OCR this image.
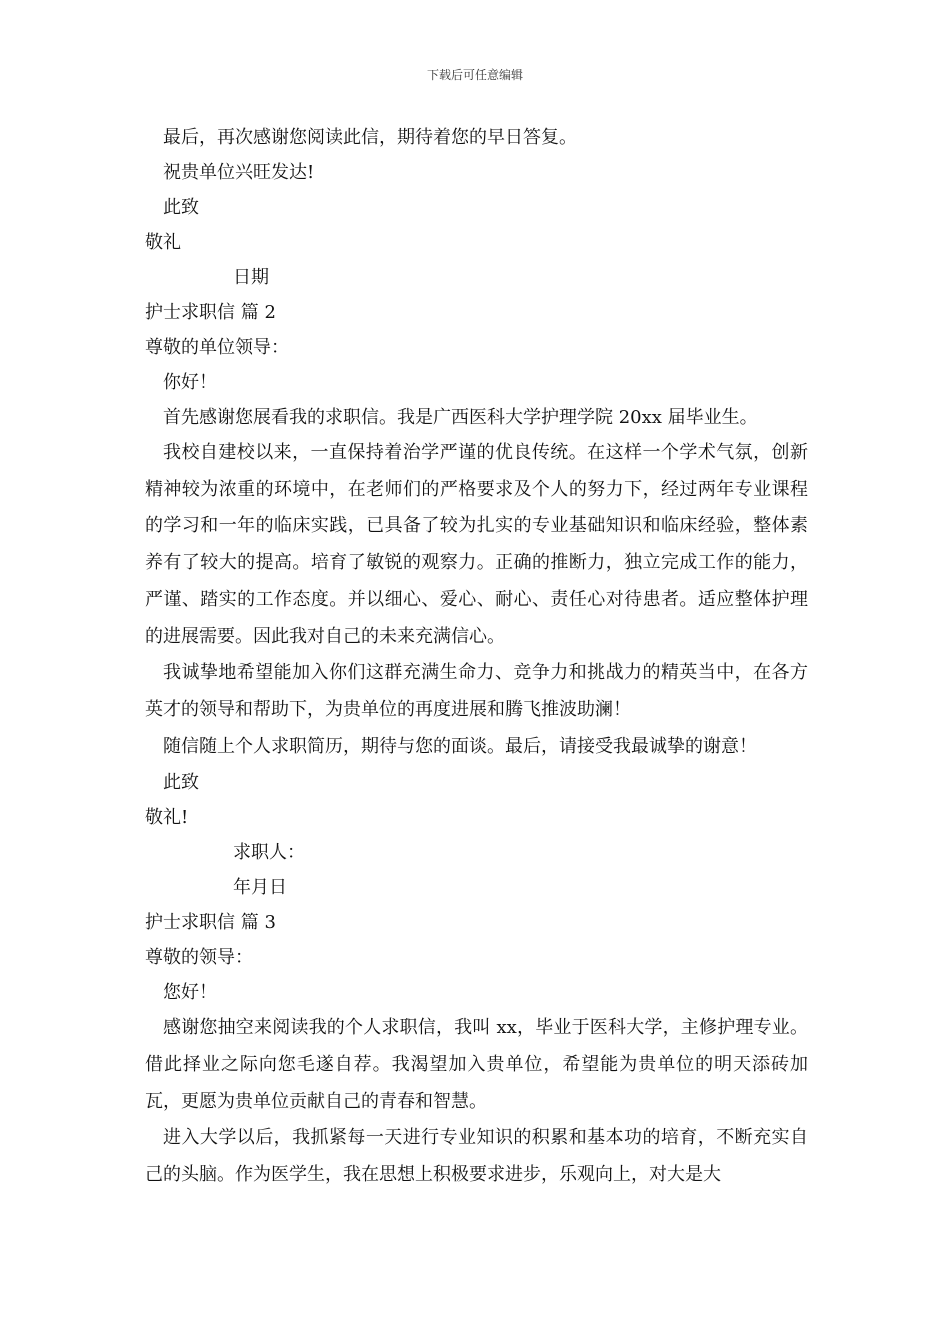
下载后可任意编辑
最后，再次感谢您阅读此信，期待着您的早日答复。
祝贵单位兴旺发达!
此致
敬礼
日期
护士求职信 篇 2
尊敬的单位领导：
你好！
首先感谢您展看我的求职信。我是广西医科大学护理学院 20xx 届毕业生。

我校自建校以来，一直保持着治学严谨的优良传统。在这样一个学术气氛，创新精神较为浓重的环境中，在老师们的严格要求及个人的努力下，经过两年专业课程的学习和一年的临床实践，已具备了较为扎实的专业基础知识和临床经验，整体素养有了较大的提高。培育了敏锐的观察力。正确的推断力，独立完成工作的能力，严谨、踏实的工作态度。并以细心、爱心、耐心、责任心对待患者。适应整体护理的进展需要。因此我对自己的未来充满信心。

我诚挚地希望能加入你们这群充满生命力、竞争力和挑战力的精英当中，在各方英才的领导和帮助下，为贵单位的再度进展和腾飞推波助澜！

随信随上个人求职简历，期待与您的面谈。最后，请接受我最诚挚的谢意！

此致
敬礼!
求职人：
年月日
护士求职信 篇 3
尊敬的领导：
您好！

感谢您抽空来阅读我的个人求职信，我叫 xx，毕业于医科大学，主修护理专业。借此择业之际向您毛遂自荐。我渴望加入贵单位，希望能为贵单位的明天添砖加瓦，更愿为贵单位贡献自己的青春和智慧。

进入大学以后，我抓紧每一天进行专业知识的积累和基本功的培育，不断充实自己的头脑。作为医学生，我在思想上积极要求进步，乐观向上，对大是大
